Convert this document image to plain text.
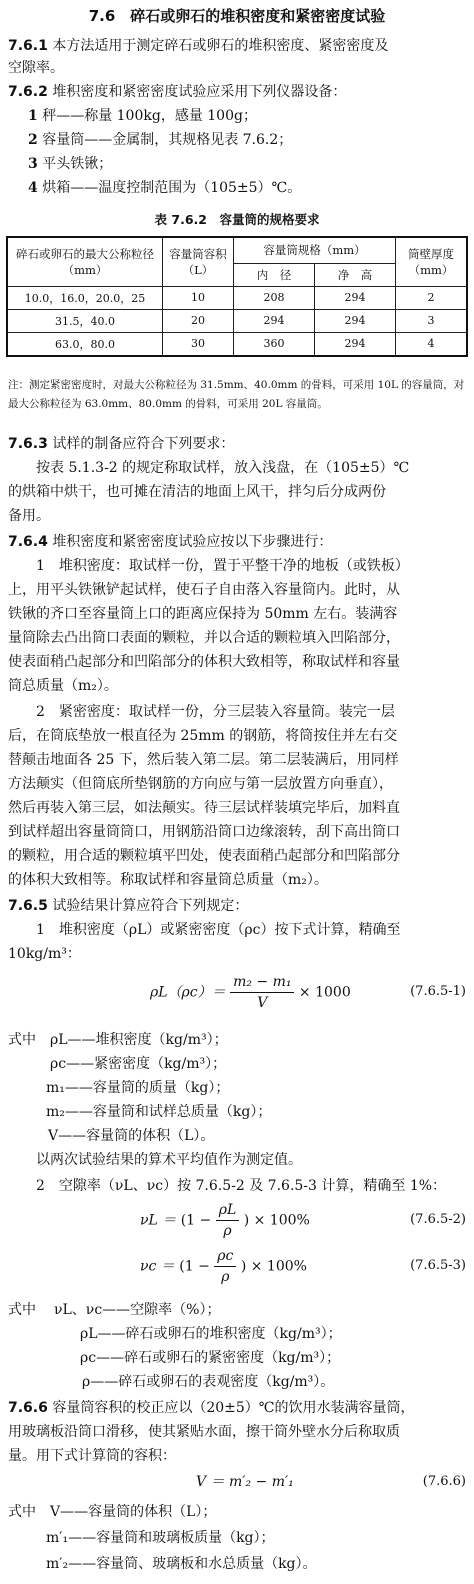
7.6　碎石或卵石的堆积密度和紧密密度试验
7.6.1 本方法适用于测定碎石或卵石的堆积密度、紧密密度及
空隙率。
7.6.2 堆积密度和紧密密度试验应采用下列仪器设备：
1 秤——称量 100kg，感量 100g；
2 容量筒——金属制，其规格见表 7.6.2；
3 平头铁锹；
4 烘箱——温度控制范围为（105±5）℃。
表 7.6.2　容量筒的规格要求
碎石或卵石的最大公称粒径（mm）	容量筒容积（L）	容量筒规格（mm）		筒壁厚度（mm）
		内　径	净　高	
10.0，16.0，20.0，25	10	208	294	2
31.5，40.0	20	294	294	3
63.0，80.0	30	360	294	4
注：测定紧密密度时，对最大公称粒径为 31.5mm、40.0mm 的骨料，可采用 10L 的容量筒，对最大公称粒径为 63.0mm、80.0mm 的骨料，可采用 20L 容量筒。
7.6.3 试样的制备应符合下列要求：
按表 5.1.3-2 的规定称取试样，放入浅盘，在（105±5）℃
的烘箱中烘干，也可摊在清洁的地面上风干，拌匀后分成两份
备用。
7.6.4 堆积密度和紧密密度试验应按以下步骤进行：
1　堆积密度：取试样一份，置于平整干净的地板（或铁板）
上，用平头铁锹铲起试样，使石子自由落入容量筒内。此时，从
铁锹的齐口至容量筒上口的距离应保持为 50mm 左右。装满容
量筒除去凸出筒口表面的颗粒，并以合适的颗粒填入凹陷部分，
使表面稍凸起部分和凹陷部分的体积大致相等，称取试样和容量
筒总质量（m₂）。
2　紧密密度：取试样一份，分三层装入容量筒。装完一层
后，在筒底垫放一根直径为 25mm 的钢筋，将筒按住并左右交
替颠击地面各 25 下，然后装入第二层。第二层装满后，用同样
方法颠实（但筒底所垫钢筋的方向应与第一层放置方向垂直），
然后再装入第三层，如法颠实。待三层试样装填完毕后，加料直
到试样超出容量筒筒口，用钢筋沿筒口边缘滚转，刮下高出筒口
的颗粒，用合适的颗粒填平凹处，使表面稍凸起部分和凹陷部分
的体积大致相等。称取试样和容量筒总质量（m₂）。
7.6.5 试验结果计算应符合下列规定：
1　堆积密度（ρL）或紧密密度（ρc）按下式计算，精确至
10kg/m³：
$\rho L(\rho c)= \frac{\text{m₂ − m₁}}{V} \times 1000$	(7.6.5-1)
式中	ρL——堆积密度（kg/m³）；
ρc——紧密密度（kg/m³）；
m₁——容量筒的质量（kg）；
m₂——容量筒和试样总质量（kg）；
V——容量筒的体积（L）。
以两次试验结果的算术平均值作为测定值。
2　空隙率（νL、νc）按 7.6.5-2 及 7.6.5-3 计算，精确至 1%：
$\nu L = (1 - \frac{\rho L}{\rho}$ ) × 100%	(7.6.5-2)
$\nu c = (1 - \frac{\rho c}{\rho}$ ) × 100%	(7.6.5-3)
式中	νL、νc——空隙率（%）；
ρL——碎石或卵石的堆积密度（kg/m³）；
ρc——碎石或卵石的紧密密度（kg/m³）；
ρ——碎石或卵石的表观密度（kg/m³）。
7.6.6 容量筒容积的校正应以（20±5）℃的饮用水装满容量筒，
用玻璃板沿筒口滑移，使其紧贴水面，擦干筒外壁水分后称取质
量。用下式计算筒的容积：
V ＝ m′₂ − m′₁	(7.6.6)
式中	V——容量筒的体积（L）；
m′₁——容量筒和玻璃板质量（kg）；
m′₂——容量筒、玻璃板和水总质量（kg）。
